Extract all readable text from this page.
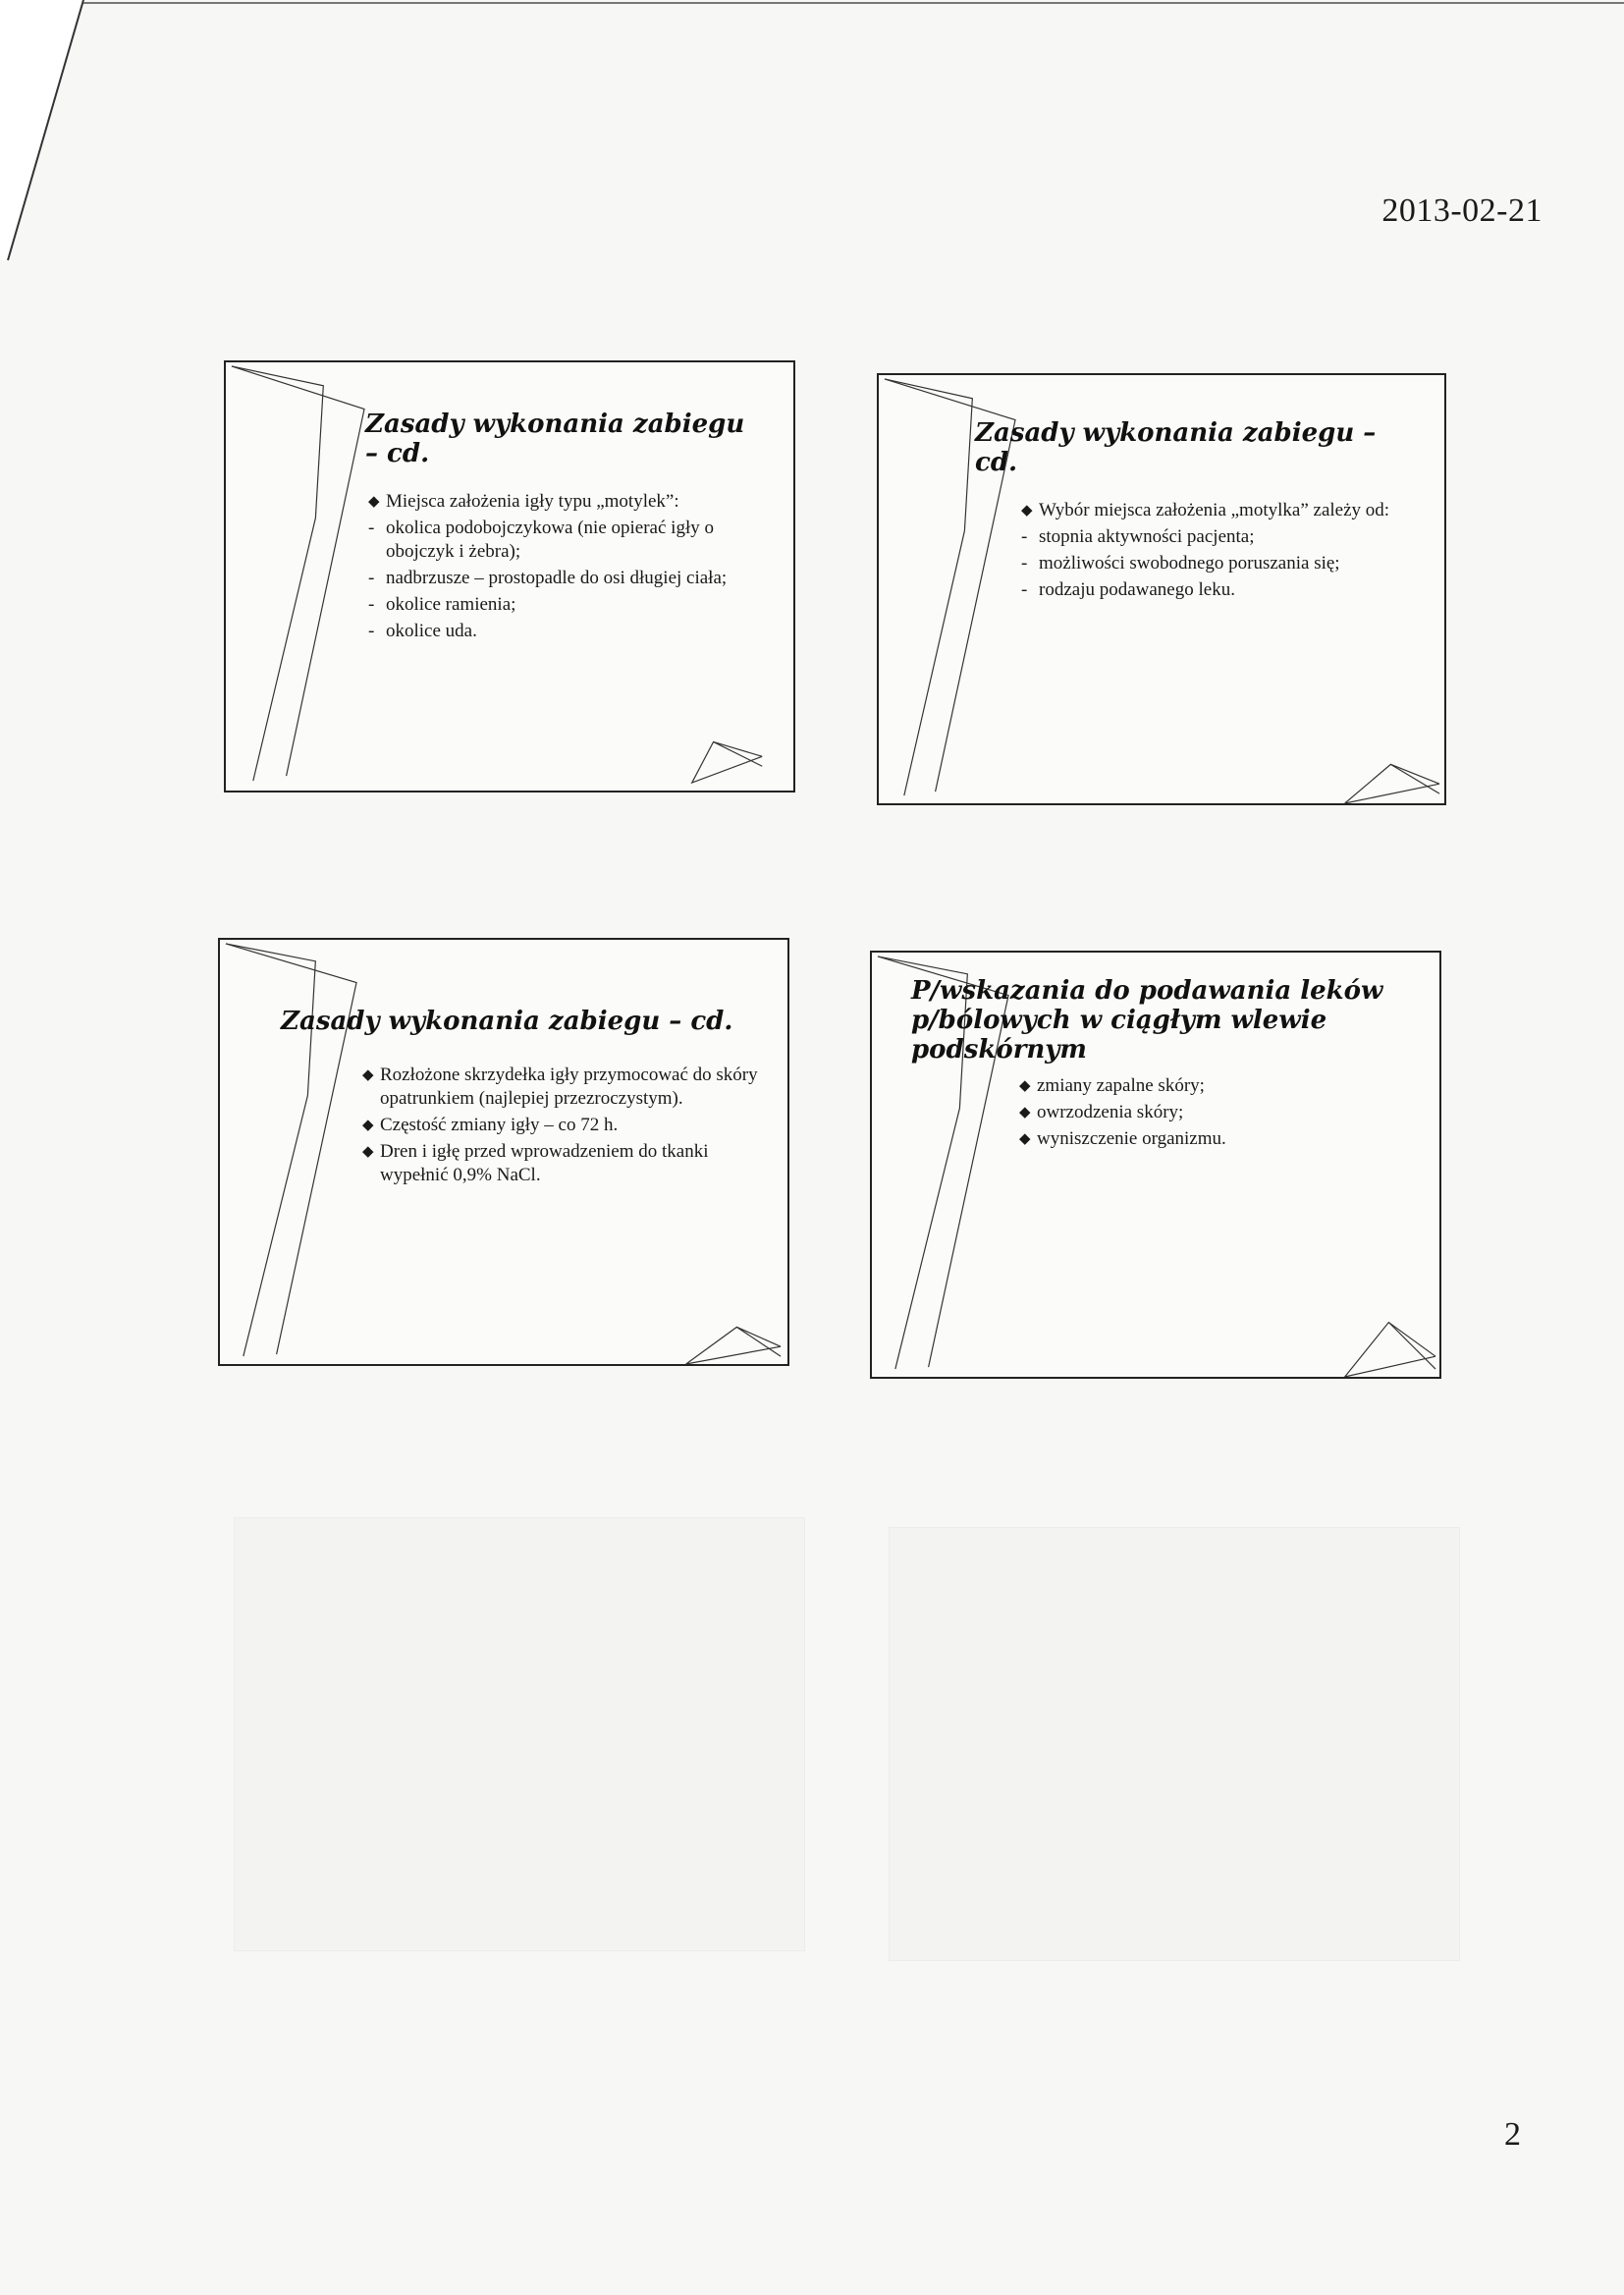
2013-02-21
Zasady wykonania zabiegu – cd.
◆ Miejsca założenia igły typu „motylek”:
- okolica podobojczykowa (nie opierać igły o obojczyk i żebra);
- nadbrzusze – prostopadle do osi długiej ciała;
- okolice ramienia;
- okolice uda.
Zasady wykonania zabiegu – cd.
◆ Wybór miejsca założenia „motylka” zależy od:
- stopnia aktywności pacjenta;
- możliwości swobodnego poruszania się;
- rodzaju podawanego leku.
Zasady wykonania zabiegu – cd.
◆ Rozłożone skrzydełka igły przymocować do skóry opatrunkiem (najlepiej przezroczystym).
◆ Częstość zmiany igły – co 72 h.
◆ Dren i igłę przed wprowadzeniem do tkanki wypełnić 0,9% NaCl.
P/wskazania do podawania leków p/bólowych w ciągłym wlewie podskórnym
◆ zmiany zapalne skóry;
◆ owrzodzenia skóry;
◆ wyniszczenie organizmu.
2
